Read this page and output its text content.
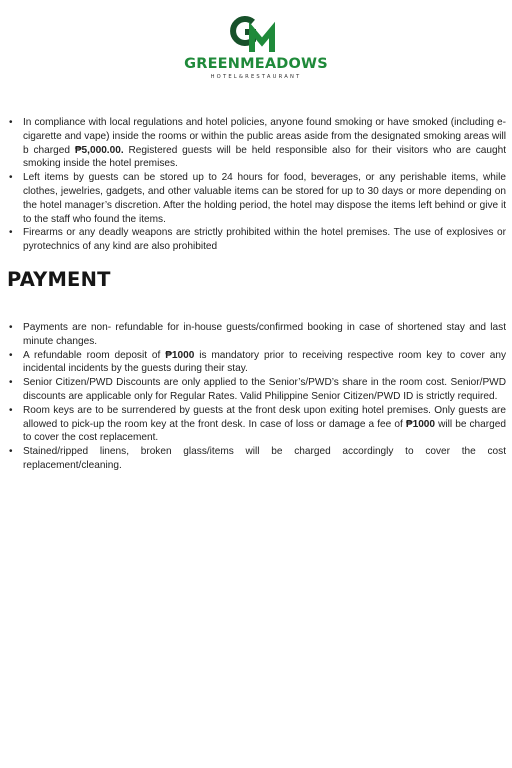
GREENMEADOWS
HOTEL&RESTAURANT
• In compliance with local regulations and hotel policies, anyone found smoking or have smoked (including e-cigarette and vape) inside the rooms or within the public areas aside from the designated smoking areas will b charged ₱5,000.00. Registered guests will be held responsible also for their visitors who are caught smoking inside the hotel premises.
• Left items by guests can be stored up to 24 hours for food, beverages, or any perishable items, while clothes, jewelries, gadgets, and other valuable items can be stored for up to 30 days or more depending on the hotel manager’s discretion. After the holding period, the hotel may dispose the items left behind or give it to the staff who found the items.
• Firearms or any deadly weapons are strictly prohibited within the hotel premises. The use of explosives or pyrotechnics of any kind are also prohibited
PAYMENT
• Payments are non- refundable for in-house guests/confirmed booking in case of shortened stay and last minute changes.
• A refundable room deposit of ₱1000 is mandatory prior to receiving respective room key to cover any incidental incidents by the guests during their stay.
• Senior Citizen/PWD Discounts are only applied to the Senior’s/PWD’s share in the room cost. Senior/PWD discounts are applicable only for Regular Rates. Valid Philippine Senior Citizen/PWD ID is strictly required.
• Room keys are to be surrendered by guests at the front desk upon exiting hotel premises. Only guests are allowed to pick-up the room key at the front desk. In case of loss or damage a fee of ₱1000 will be charged to cover the cost replacement.
• Stained/ripped linens, broken glass/items will be charged accordingly to cover the cost replacement/cleaning.
